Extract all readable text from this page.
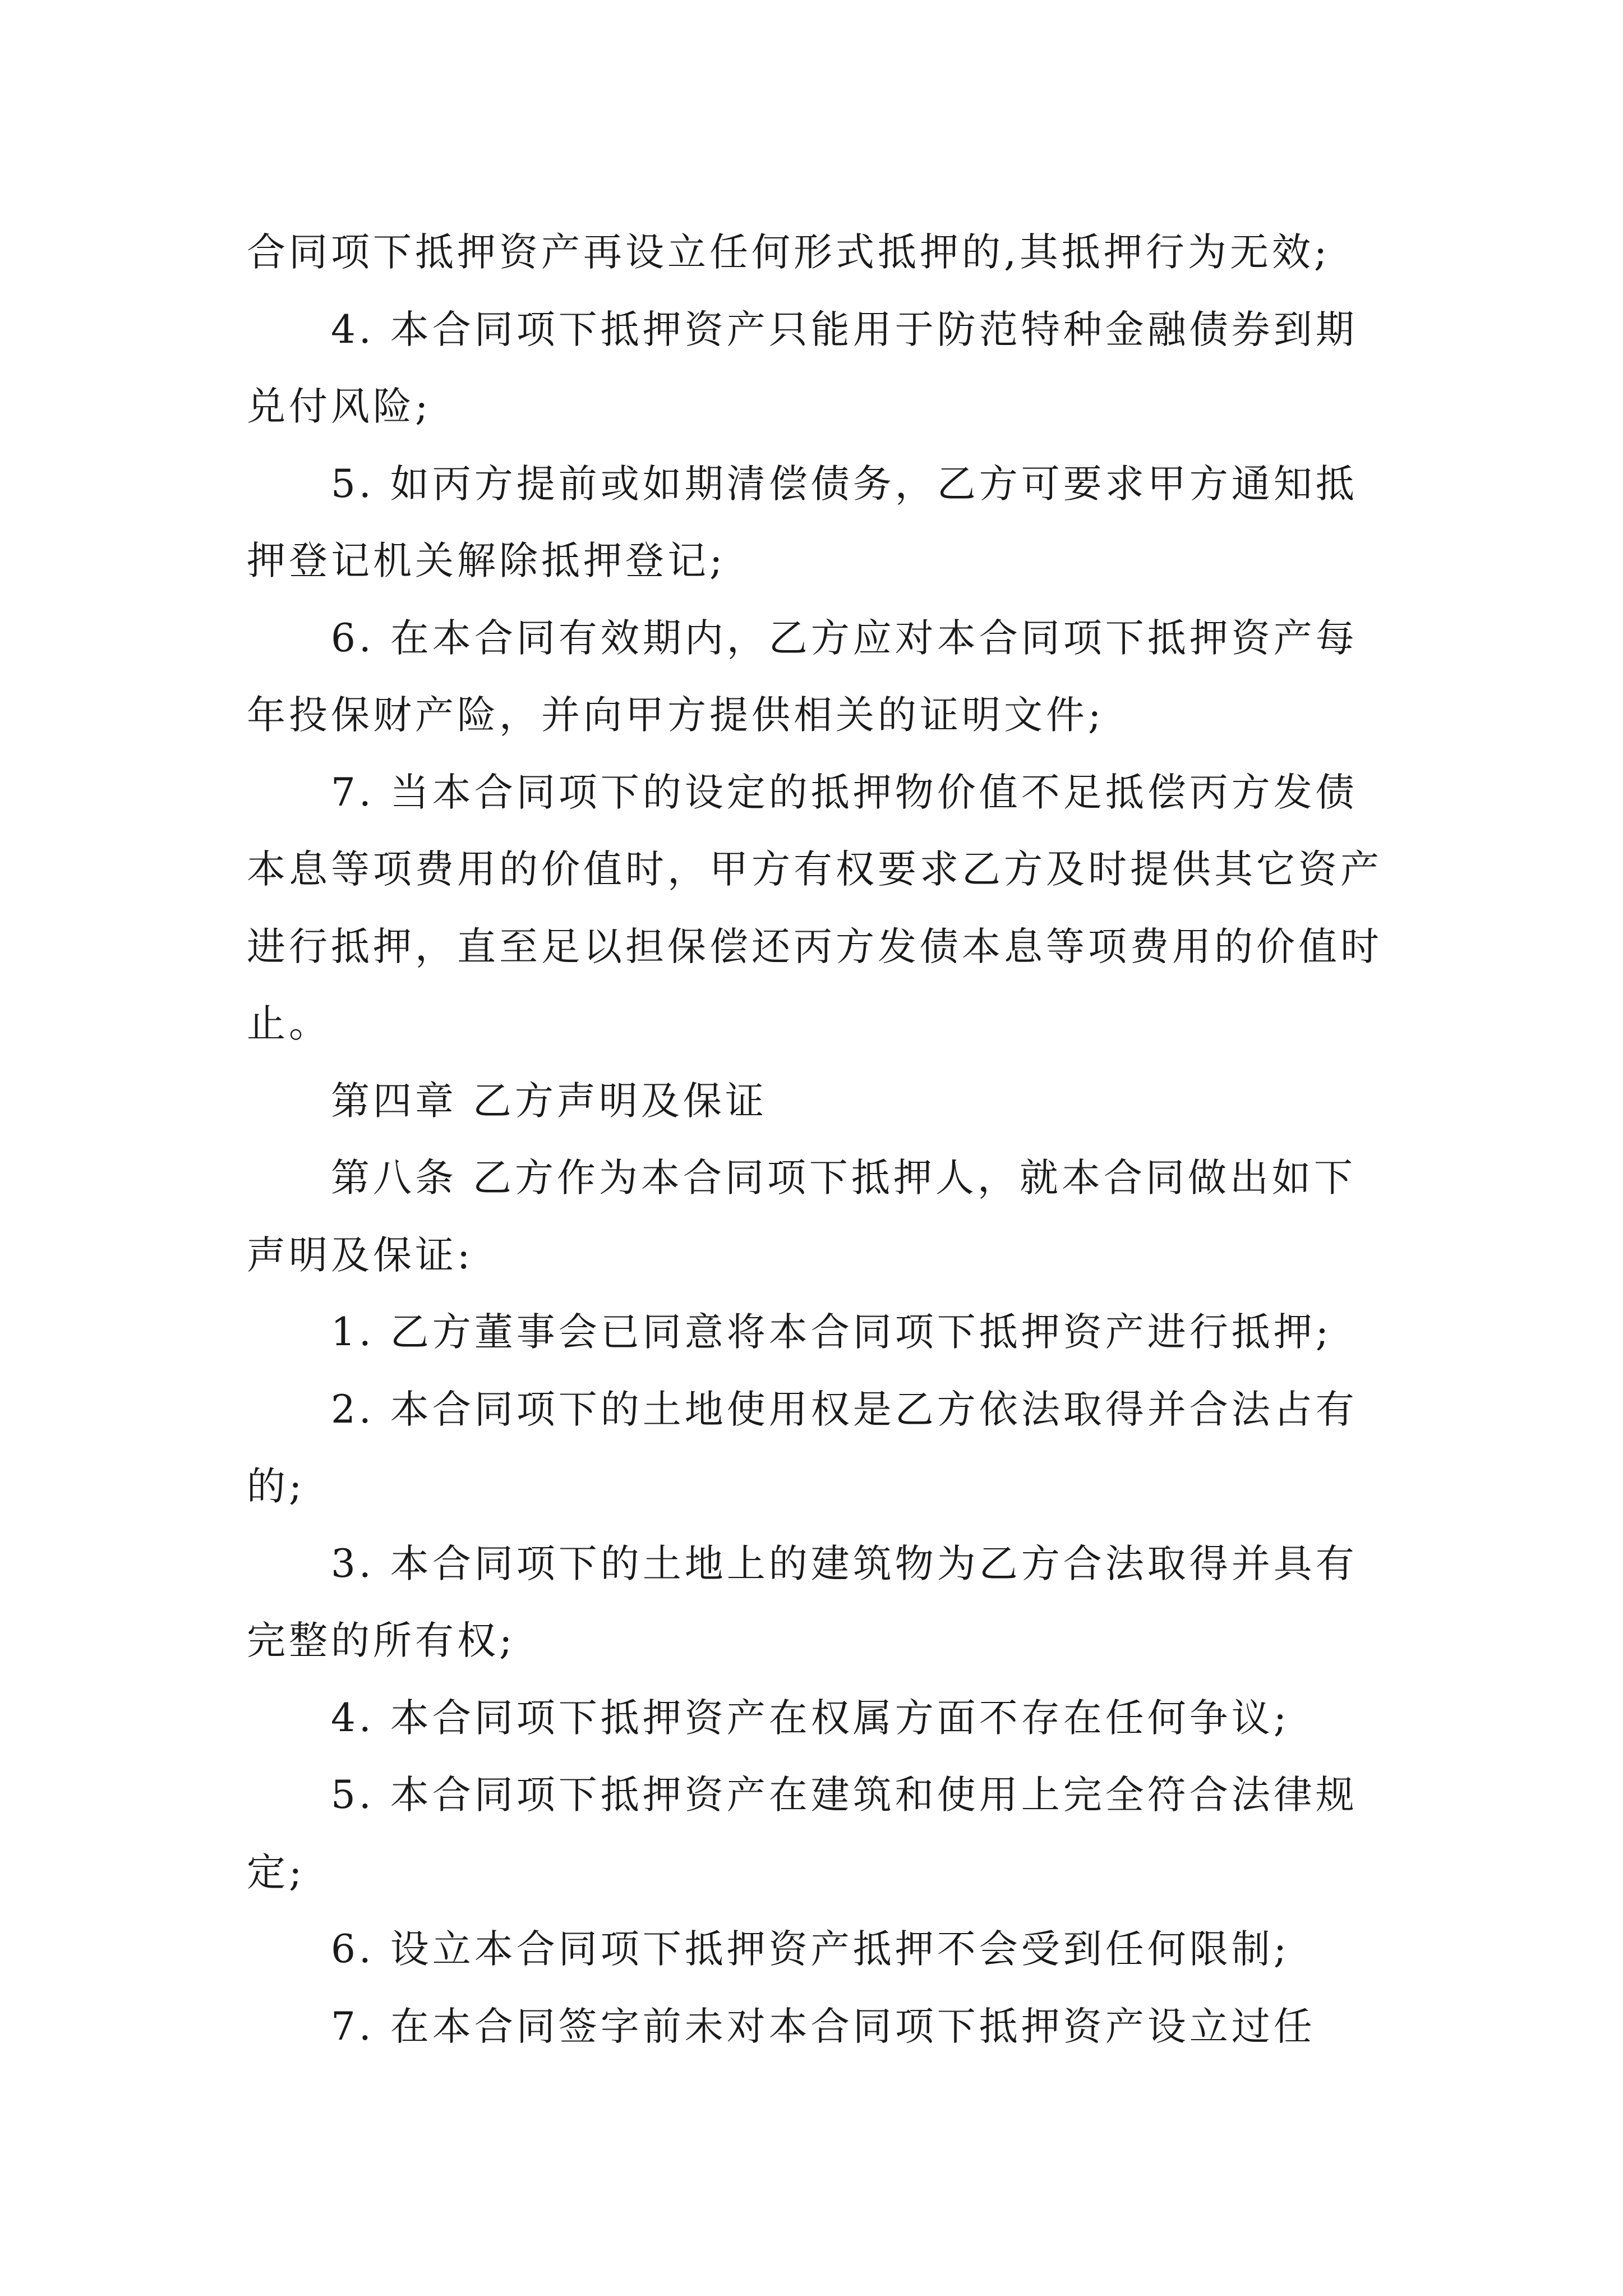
合同项下抵押资产再设立任何形式抵押的,其抵押行为无效;

4. 本合同项下抵押资产只能用于防范特种金融债券到期兑付风险;

5. 如丙方提前或如期清偿债务，乙方可要求甲方通知抵押登记机关解除抵押登记;

6. 在本合同有效期内，乙方应对本合同项下抵押资产每年投保财产险，并向甲方提供相关的证明文件;

7. 当本合同项下的设定的抵押物价值不足抵偿丙方发债本息等项费用的价值时，甲方有权要求乙方及时提供其它资产进行抵押，直至足以担保偿还丙方发债本息等项费用的价值时止。

第四章 乙方声明及保证

第八条 乙方作为本合同项下抵押人，就本合同做出如下声明及保证:

1. 乙方董事会已同意将本合同项下抵押资产进行抵押;

2. 本合同项下的土地使用权是乙方依法取得并合法占有的;

3. 本合同项下的土地上的建筑物为乙方合法取得并具有完整的所有权;

4. 本合同项下抵押资产在权属方面不存在任何争议;

5. 本合同项下抵押资产在建筑和使用上完全符合法律规定;

6. 设立本合同项下抵押资产抵押不会受到任何限制;

7. 在本合同签字前未对本合同项下抵押资产设立过任
